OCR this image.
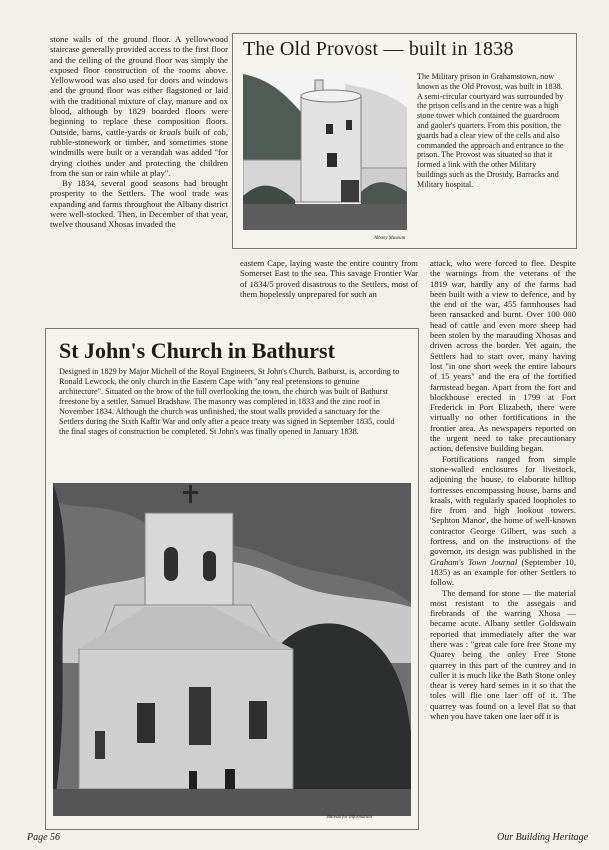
stone walls of the ground floor. A yellowwood staircase generally provided access to the first floor and the ceiling of the ground floor was simply the exposed floor construction of the rooms above. Yellowwood was also used for doors and windows and the ground floor was either flagstoned or laid with the traditional mixture of clay, manure and ox blood, although by 1829 boarded floors were beginning to replace these composition floors. Outside, barns, cattle-yards or kraals built of cob, rubble-stonework or timber, and sometimes stone windmills were built or a verandah was added "for drying clothes under and protecting the children from the sun or rain while at play".

By 1834, several good seasons had brought prosperity to the Settlers. The wool trade was expanding and farms throughout the Albany district were well-stocked. Then, in December of that year, twelve thousand Xhosas invaded the

The Old Provost — built in 1838
The Military prison in Grahamstown, now known as the Old Provost, was built in 1838. A semi-circular courtyard was surrounded by the prison cells and in the centre was a high stone tower which contained the guardroom and gaoler's quarters. From this position, the guards had a clear view of the cells and also commanded the approach and entrance to the prison. The Provost was situated so that it formed a link with the other Military buildings such as the Drostdy, Barracks and Military hospital.
Albany Museum

eastern Cape, laying waste the entire country from Somerset East to the sea. This savage Frontier War of 1834/5 proved disastrous to the Settlers, most of them hopelessly unprepared for such an

attack, who were forced to flee. Despite the warnings from the veterans of the 1819 war, hardly any of the farms had been built with a view to defence, and by the end of the war, 455 farmhouses had been ransacked and burnt. Over 100 000 head of cattle and even more sheep had been stolen by the marauding Xhosas and driven across the border. Yet again, the Settlers had to start over, many having lost "in one short week the entire labours of 15 years" and the era of the fortified farmstead began. Apart from the fort and blockhouse erected in 1799 at Fort Frederick in Port Elizabeth, there were virtually no other fortifications in the frontier area. As newspapers reported on the urgent need to take precautionary action, defensive building began.

Fortifications ranged from simple stone-walled enclosures for livestock, adjoining the house, to elaborate hilltop fortresses encompassing house, barns and kraals, with regularly spaced loopholes to fire from and high lookout towers. 'Sephton Manor', the home of well-known contractor George Gilbert, was such a fortress, and on the instructions of the governor, its design was published in the Graham's Town Journal (September 10, 1835) as an example for other Settlers to follow.

The demand for stone — the material most resistant to the assegais and firebrands of the warring Xhosa — became acute. Albany settler Goldswain reported that immediately after the war there was : "great cale fore free Stone my Quarey being the onley Free Stone quarrey in this part of the cuntrey and in culler it is much like the Bath Stone onley thear is verey hard semes in it so that the toles will flie one laer off of it. The quarrey was found on a level flat so that when you have taken one laer off it is

St John's Church in Bathurst
Designed in 1829 by Major Michell of the Royal Engineers, St John's Church, Bathurst, is, according to Ronald Lewcock, the only church in the Eastern Cape with "any real pretensions to genuine architecture". Situated on the brow of the hill overlooking the town, the church was built of Bathurst freestone by a settler, Samuel Bradshaw. The masonry was completed in 1833 and the zinc roof in November 1834. Although the church was unfinished, the stout walls provided a sanctuary for the Settlers during the Sixth Kaffir War and only after a peace treaty was signed in September 1835, could the final stages of construction be completed. St John's was finally opened in January 1838.
Bureau for Information
Page 56	Our Building Heritage
